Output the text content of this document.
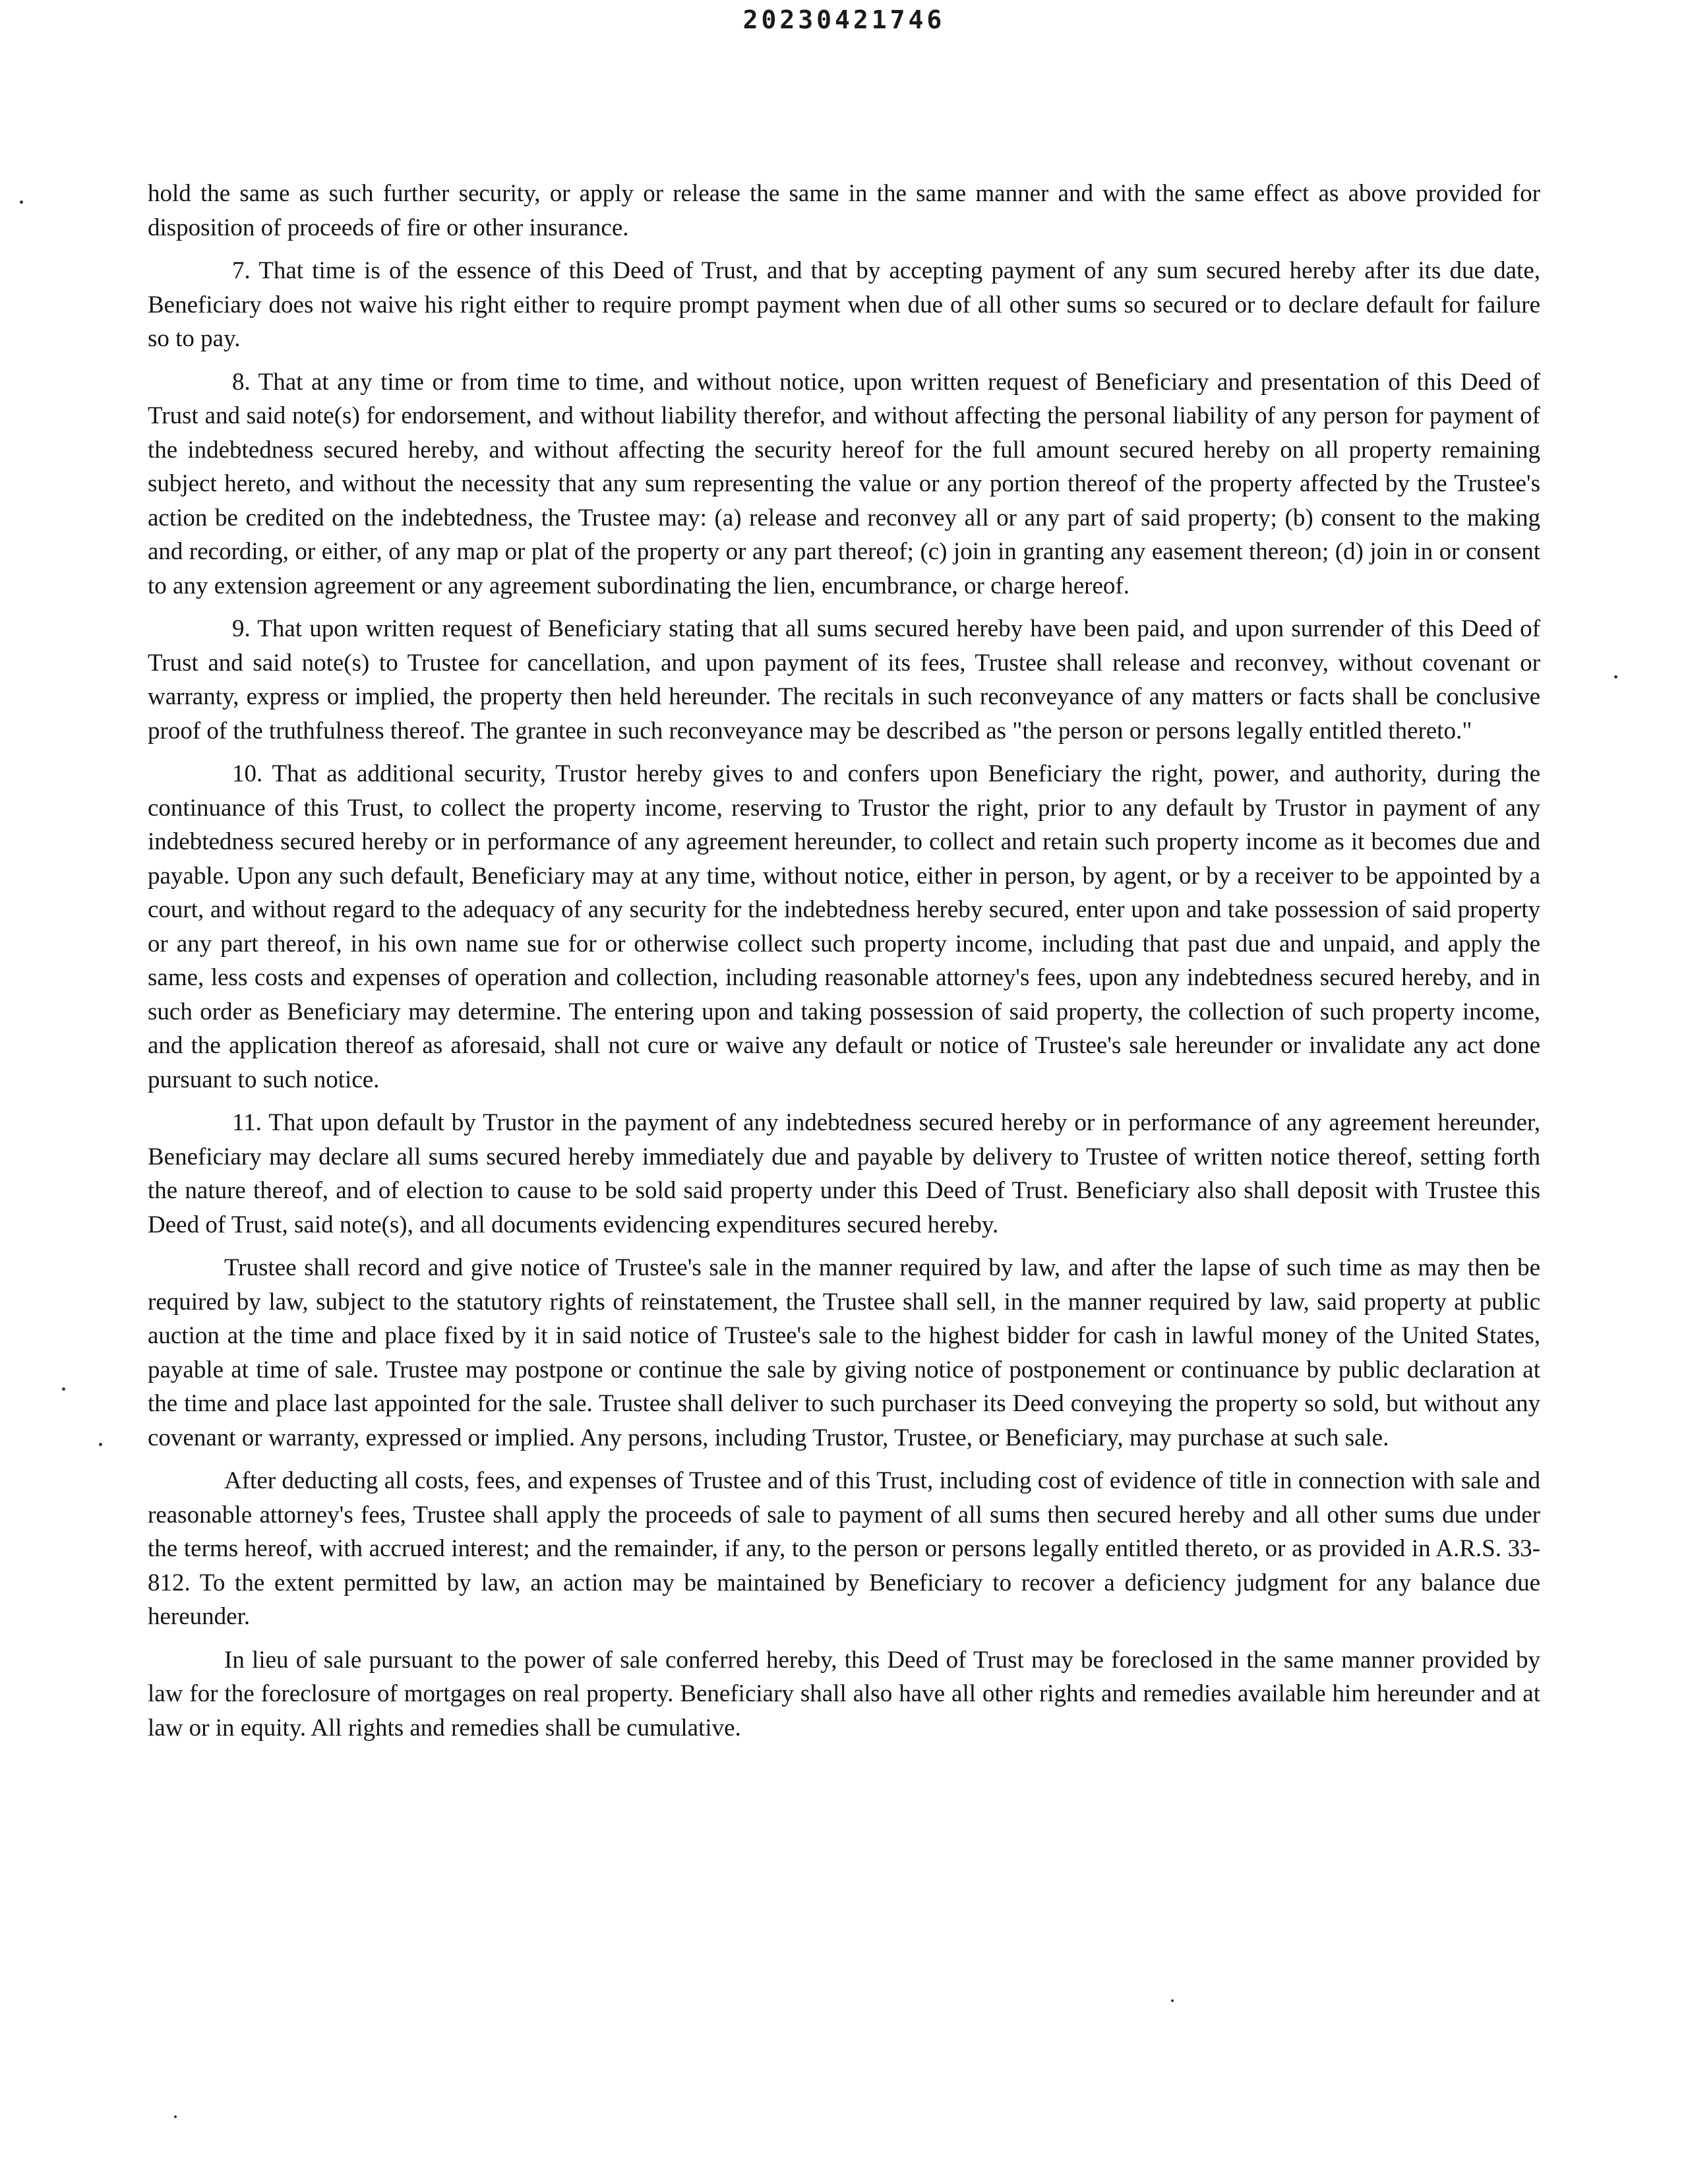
20230421746

hold the same as such further security, or apply or release the same in the same manner and with the same effect as above provided for disposition of proceeds of fire or other insurance.

7. That time is of the essence of this Deed of Trust, and that by accepting payment of any sum secured hereby after its due date, Beneficiary does not waive his right either to require prompt payment when due of all other sums so secured or to declare default for failure so to pay.

8. That at any time or from time to time, and without notice, upon written request of Beneficiary and presentation of this Deed of Trust and said note(s) for endorsement, and without liability therefor, and without affecting the personal liability of any person for payment of the indebtedness secured hereby, and without affecting the security hereof for the full amount secured hereby on all property remaining subject hereto, and without the necessity that any sum representing the value or any portion thereof of the property affected by the Trustee's action be credited on the indebtedness, the Trustee may: (a) release and reconvey all or any part of said property; (b) consent to the making and recording, or either, of any map or plat of the property or any part thereof; (c) join in granting any easement thereon; (d) join in or consent to any extension agreement or any agreement subordinating the lien, encumbrance, or charge hereof.

9. That upon written request of Beneficiary stating that all sums secured hereby have been paid, and upon surrender of this Deed of Trust and said note(s) to Trustee for cancellation, and upon payment of its fees, Trustee shall release and reconvey, without covenant or warranty, express or implied, the property then held hereunder. The recitals in such reconveyance of any matters or facts shall be conclusive proof of the truthfulness thereof. The grantee in such reconveyance may be described as "the person or persons legally entitled thereto."

10. That as additional security, Trustor hereby gives to and confers upon Beneficiary the right, power, and authority, during the continuance of this Trust, to collect the property income, reserving to Trustor the right, prior to any default by Trustor in payment of any indebtedness secured hereby or in performance of any agreement hereunder, to collect and retain such property income as it becomes due and payable. Upon any such default, Beneficiary may at any time, without notice, either in person, by agent, or by a receiver to be appointed by a court, and without regard to the adequacy of any security for the indebtedness hereby secured, enter upon and take possession of said property or any part thereof, in his own name sue for or otherwise collect such property income, including that past due and unpaid, and apply the same, less costs and expenses of operation and collection, including reasonable attorney's fees, upon any indebtedness secured hereby, and in such order as Beneficiary may determine. The entering upon and taking possession of said property, the collection of such property income, and the application thereof as aforesaid, shall not cure or waive any default or notice of Trustee's sale hereunder or invalidate any act done pursuant to such notice.

11. That upon default by Trustor in the payment of any indebtedness secured hereby or in performance of any agreement hereunder, Beneficiary may declare all sums secured hereby immediately due and payable by delivery to Trustee of written notice thereof, setting forth the nature thereof, and of election to cause to be sold said property under this Deed of Trust. Beneficiary also shall deposit with Trustee this Deed of Trust, said note(s), and all documents evidencing expenditures secured hereby.

Trustee shall record and give notice of Trustee's sale in the manner required by law, and after the lapse of such time as may then be required by law, subject to the statutory rights of reinstatement, the Trustee shall sell, in the manner required by law, said property at public auction at the time and place fixed by it in said notice of Trustee's sale to the highest bidder for cash in lawful money of the United States, payable at time of sale. Trustee may postpone or continue the sale by giving notice of postponement or continuance by public declaration at the time and place last appointed for the sale. Trustee shall deliver to such purchaser its Deed conveying the property so sold, but without any covenant or warranty, expressed or implied. Any persons, including Trustor, Trustee, or Beneficiary, may purchase at such sale.

After deducting all costs, fees, and expenses of Trustee and of this Trust, including cost of evidence of title in connection with sale and reasonable attorney's fees, Trustee shall apply the proceeds of sale to payment of all sums then secured hereby and all other sums due under the terms hereof, with accrued interest; and the remainder, if any, to the person or persons legally entitled thereto, or as provided in A.R.S. 33-812. To the extent permitted by law, an action may be maintained by Beneficiary to recover a deficiency judgment for any balance due hereunder.

In lieu of sale pursuant to the power of sale conferred hereby, this Deed of Trust may be foreclosed in the same manner provided by law for the foreclosure of mortgages on real property. Beneficiary shall also have all other rights and remedies available him hereunder and at law or in equity. All rights and remedies shall be cumulative.
